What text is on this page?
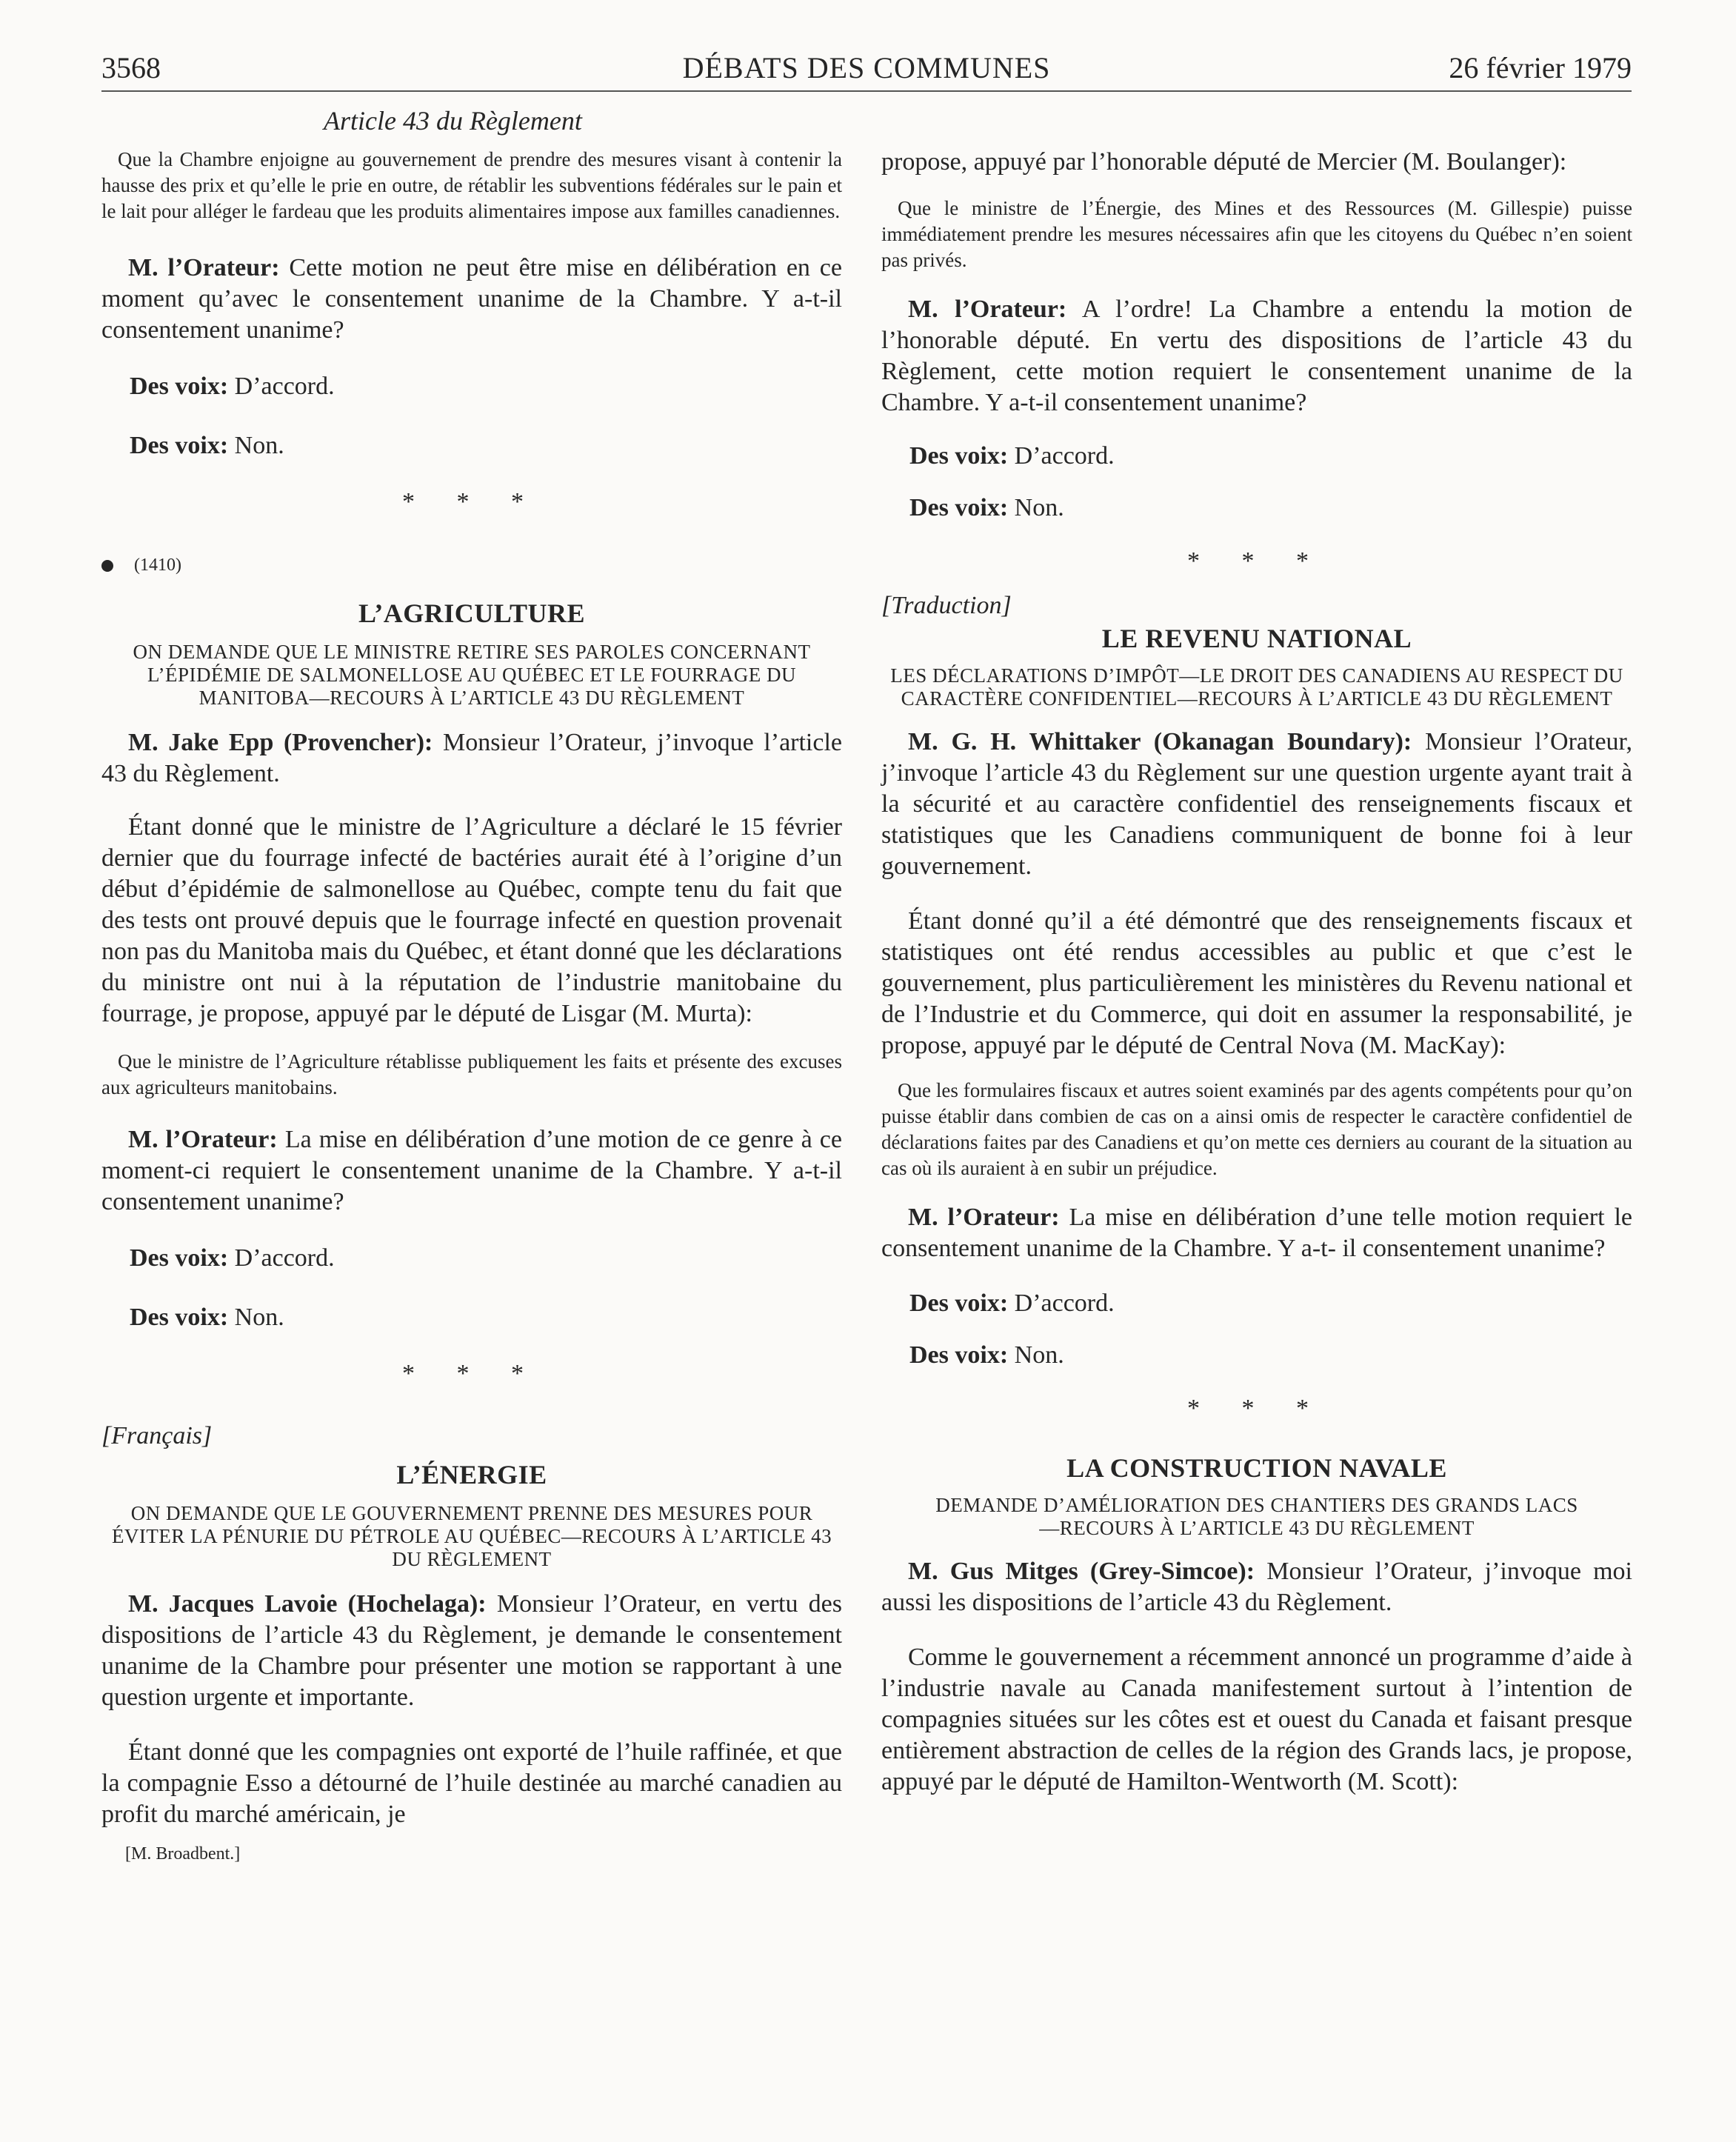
3568	DÉBATS DES COMMUNES	26 février 1979

Article 43 du Règlement

Que la Chambre enjoigne au gouvernement de prendre des mesures visant à contenir la hausse des prix et qu’elle le prie en outre, de rétablir les subventions fédérales sur le pain et le lait pour alléger le fardeau que les produits alimentaires impose aux familles canadiennes.

M. l’Orateur: Cette motion ne peut être mise en délibération en ce moment qu’avec le consentement unanime de la Chambre. Y a-t-il consentement unanime?

Des voix: D’accord.

Des voix: Non.

* * *

(1410)

L’AGRICULTURE

ON DEMANDE QUE LE MINISTRE RETIRE SES PAROLES CONCERNANT L’ÉPIDÉMIE DE SALMONELLOSE AU QUÉBEC ET LE FOURRAGE DU MANITOBA—RECOURS À L’ARTICLE 43 DU RÈGLEMENT

M. Jake Epp (Provencher): Monsieur l’Orateur, j’invoque l’article 43 du Règlement.

Étant donné que le ministre de l’Agriculture a déclaré le 15 février dernier que du fourrage infecté de bactéries aurait été à l’origine d’un début d’épidémie de salmonellose au Québec, compte tenu du fait que des tests ont prouvé depuis que le fourrage infecté en question provenait non pas du Manitoba mais du Québec, et étant donné que les déclarations du ministre ont nui à la réputation de l’industrie manitobaine du fourrage, je propose, appuyé par le député de Lisgar (M. Murta):

Que le ministre de l’Agriculture rétablisse publiquement les faits et présente des excuses aux agriculteurs manitobains.

M. l’Orateur: La mise en délibération d’une motion de ce genre à ce moment-ci requiert le consentement unanime de la Chambre. Y a-t-il consentement unanime?

Des voix: D’accord.

Des voix: Non.

* * *

[Français]

L’ÉNERGIE

ON DEMANDE QUE LE GOUVERNEMENT PRENNE DES MESURES POUR ÉVITER LA PÉNURIE DU PÉTROLE AU QUÉBEC—RECOURS À L’ARTICLE 43 DU RÈGLEMENT

M. Jacques Lavoie (Hochelaga): Monsieur l’Orateur, en vertu des dispositions de l’article 43 du Règlement, je demande le consentement unanime de la Chambre pour présenter une motion se rapportant à une question urgente et importante.

Étant donné que les compagnies ont exporté de l’huile raffinée, et que la compagnie Esso a détourné de l’huile destinée au marché canadien au profit du marché américain, je

[M. Broadbent.]

propose, appuyé par l’honorable député de Mercier (M. Boulanger):

Que le ministre de l’Énergie, des Mines et des Ressources (M. Gillespie) puisse immédiatement prendre les mesures nécessaires afin que les citoyens du Québec n’en soient pas privés.

M. l’Orateur: A l’ordre! La Chambre a entendu la motion de l’honorable député. En vertu des dispositions de l’article 43 du Règlement, cette motion requiert le consentement unanime de la Chambre. Y a-t-il consentement unanime?

Des voix: D’accord.

Des voix: Non.

* * *

[Traduction]

LE REVENU NATIONAL

LES DÉCLARATIONS D’IMPÔT—LE DROIT DES CANADIENS AU RESPECT DU CARACTÈRE CONFIDENTIEL—RECOURS À L’ARTICLE 43 DU RÈGLEMENT

M. G. H. Whittaker (Okanagan Boundary): Monsieur l’Orateur, j’invoque l’article 43 du Règlement sur une question urgente ayant trait à la sécurité et au caractère confidentiel des renseignements fiscaux et statistiques que les Canadiens communiquent de bonne foi à leur gouvernement.

Étant donné qu’il a été démontré que des renseignements fiscaux et statistiques ont été rendus accessibles au public et que c’est le gouvernement, plus particulièrement les ministères du Revenu national et de l’Industrie et du Commerce, qui doit en assumer la responsabilité, je propose, appuyé par le député de Central Nova (M. MacKay):

Que les formulaires fiscaux et autres soient examinés par des agents compétents pour qu’on puisse établir dans combien de cas on a ainsi omis de respecter le caractère confidentiel de déclarations faites par des Canadiens et qu’on mette ces derniers au courant de la situation au cas où ils auraient à en subir un préjudice.

M. l’Orateur: La mise en délibération d’une telle motion requiert le consentement unanime de la Chambre. Y a-t- il consentement unanime?

Des voix: D’accord.

Des voix: Non.

* * *

LA CONSTRUCTION NAVALE

DEMANDE D’AMÉLIORATION DES CHANTIERS DES GRANDS LACS—RECOURS À L’ARTICLE 43 DU RÈGLEMENT

M. Gus Mitges (Grey-Simcoe): Monsieur l’Orateur, j’invoque moi aussi les dispositions de l’article 43 du Règlement.

Comme le gouvernement a récemment annoncé un programme d’aide à l’industrie navale au Canada manifestement surtout à l’intention de compagnies situées sur les côtes est et ouest du Canada et faisant presque entièrement abstraction de celles de la région des Grands lacs, je propose, appuyé par le député de Hamilton-Wentworth (M. Scott):
